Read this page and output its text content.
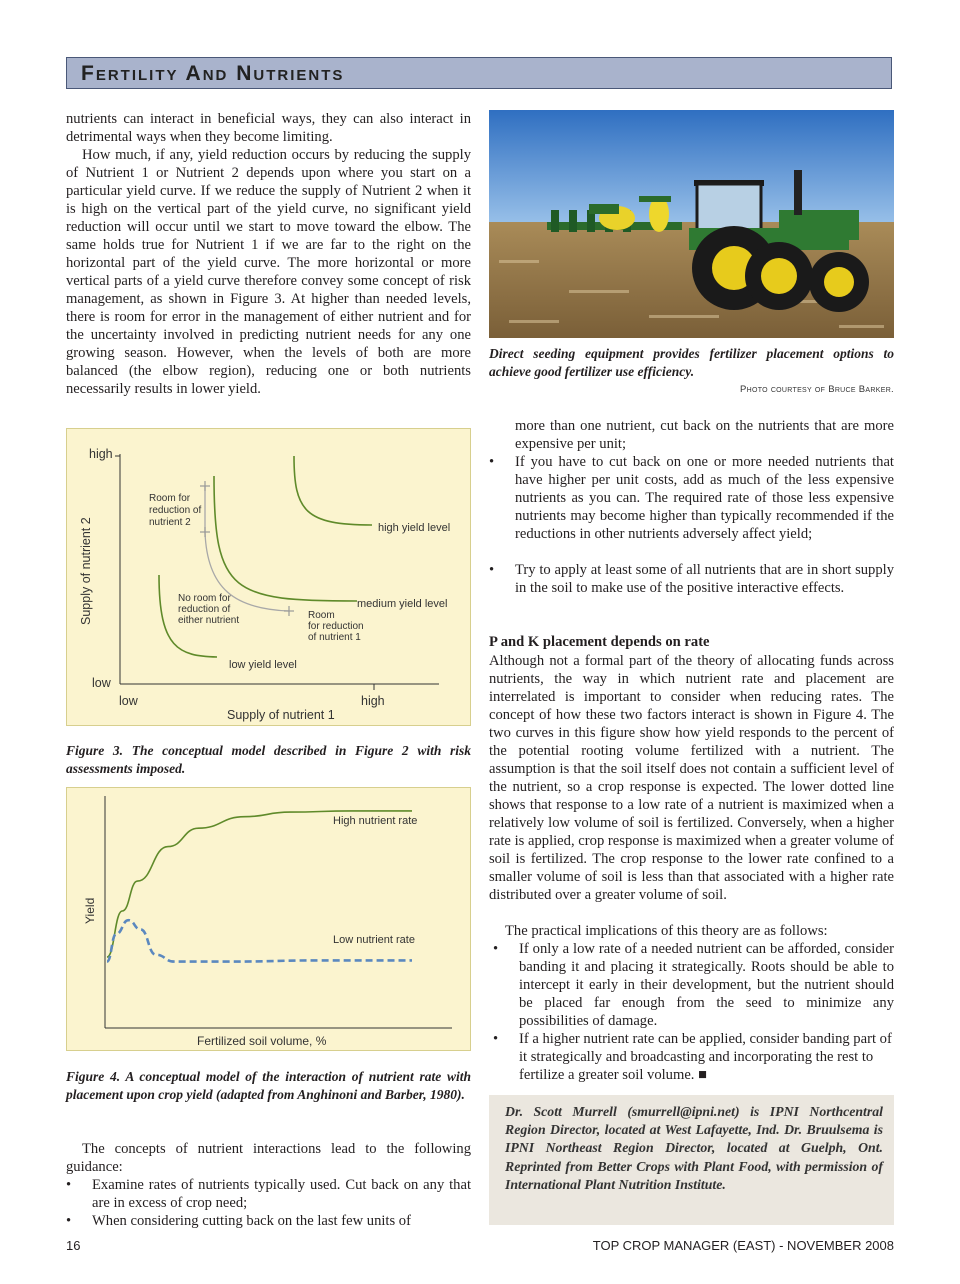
Fertility And Nutrients

nutrients can interact in beneficial ways, they can also interact in detrimental ways when they become limiting.

How much, if any, yield reduction occurs by reducing the supply of Nutrient 1 or Nutrient 2 depends upon where you start on a particular yield curve. If we reduce the supply of Nutrient 2 when it is high on the vertical part of the yield curve, no significant yield reduction will occur until we start to move toward the elbow. The same holds true for Nutrient 1 if we are far to the right on the horizontal part of the yield curve. The more horizontal or more vertical parts of a yield curve therefore convey some concept of risk management, as shown in Figure 3. At higher than needed levels, there is room for error in the management of either nutrient and for the uncertainty involved in predicting nutrient needs for any one growing season. However, when the levels of both are more balanced (the elbow region), reducing one or both nutrients necessarily results in lower yield.

high
low
low	high
Supply of nutrient 1
Supply of nutrient 2	high yield level
medium yield level
low yield level
Room for
reduction of
nutrient 2
No room for
reduction of
either nutrient	Room
for reduction
of nutrient 1

Figure 3. The conceptual model described in Figure 2 with risk assessments imposed.

Fertilized soil volume, %
Yield
High nutrient rate
Low nutrient rate

Figure 4. A conceptual model of the interaction of nutrient rate with placement upon crop yield (adapted from Anghinoni and Barber, 1980).

The concepts of nutrient interactions lead to the following guidance:

• Examine rates of nutrients typically used. Cut back on any that are in excess of crop need;

• When considering cutting back on the last few units of

Direct seeding equipment provides fertilizer placement options to achieve good fertilizer use efficiency.

Photo courtesy of Bruce Barker.

more than one nutrient, cut back on the nutrients that are more expensive per unit;

• If you have to cut back on one or more needed nutrients that have higher per unit costs, add as much of the less expensive nutrients as you can. The required rate of those less expensive nutrients may become higher than typically recommended if the reductions in other nutrients adversely affect yield;

• Try to apply at least some of all nutrients that are in short supply in the soil to make use of the positive interactive effects.

P and K placement depends on rate

Although not a formal part of the theory of allocating funds across nutrients, the way in which nutrient rate and placement are interrelated is important to consider when reducing rates. The concept of how these two factors interact is shown in Figure 4. The two curves in this figure show how yield responds to the percent of the potential rooting volume fertilized with a nutrient. The assumption is that the soil itself does not contain a sufficient level of the nutrient, so a crop response is expected. The lower dotted line shows that response to a low rate of a nutrient is maximized when a relatively low volume of soil is fertilized. Conversely, when a higher rate is applied, crop response is maximized when a greater volume of soil is fertilized. The crop response to the lower rate confined to a smaller volume of soil is less than that associated with a higher rate distributed over a greater volume of soil.

The practical implications of this theory are as follows:

• If only a low rate of a needed nutrient can be afforded, consider banding it and placing it strategically. Roots should be able to intercept it early in their development, but the nutrient should be placed far enough from the seed to minimize any possibilities of damage.

• If a higher nutrient rate can be applied, consider banding part of it strategically and broadcasting and incorporating the rest to fertilize a greater soil volume. ■

Dr. Scott Murrell (smurrell@ipni.net) is IPNI Northcentral Region Director, located at West Lafayette, Ind. Dr. Bruulsema is IPNI Northeast Region Director, located at Guelph, Ont. Reprinted from Better Crops with Plant Food, with permission of International Plant Nutrition Institute.

16	TOP CROP MANAGER (EAST) - NOVEMBER 2008
